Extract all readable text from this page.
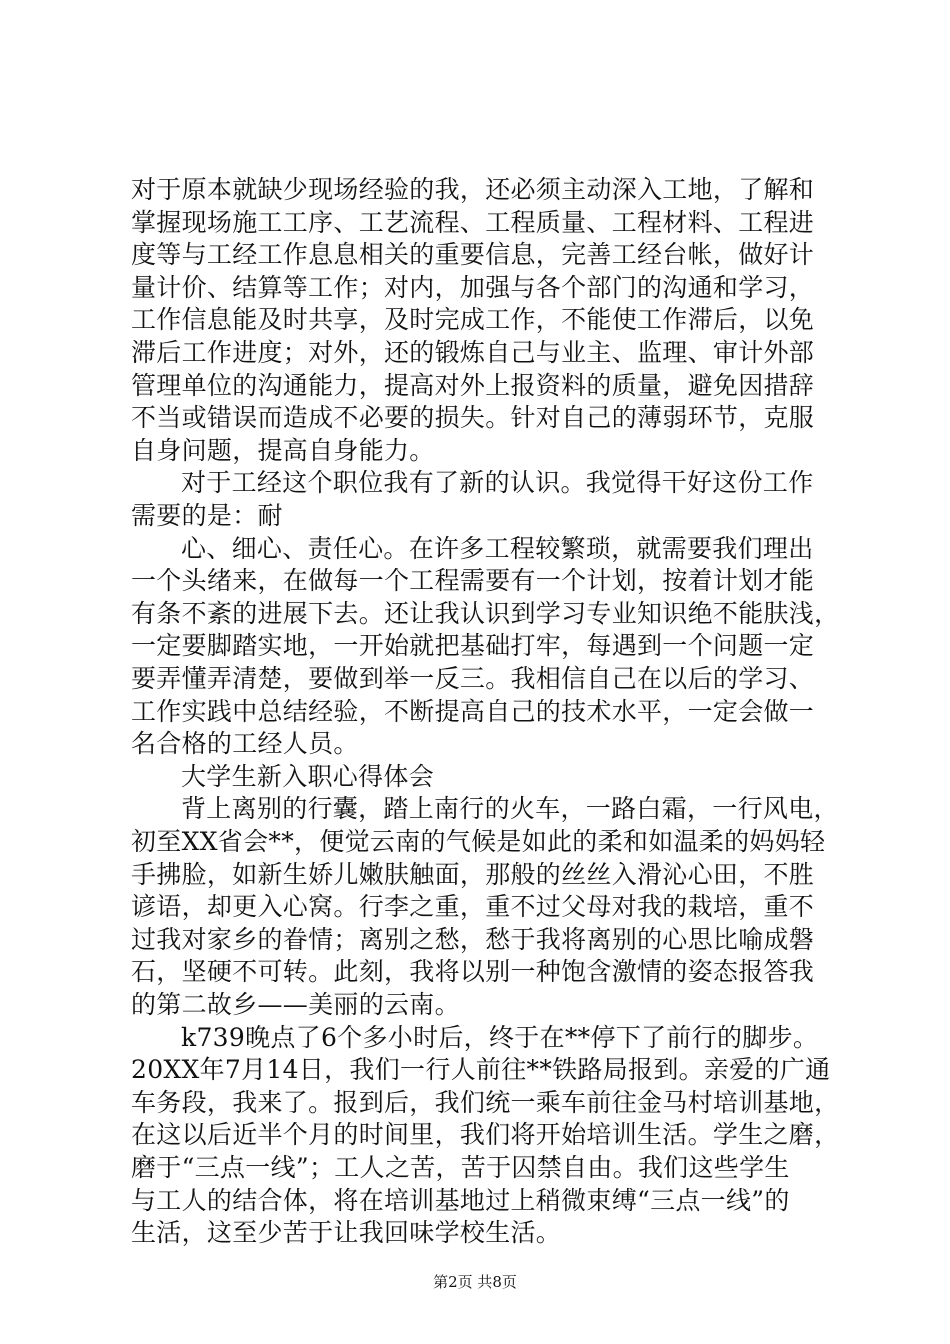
对于原本就缺少现场经验的我，还必须主动深入工地，了解和
掌握现场施工工序、工艺流程、工程质量、工程材料、工程进
度等与工经工作息息相关的重要信息，完善工经台帐，做好计
量计价、结算等工作；对内，加强与各个部门的沟通和学习，
工作信息能及时共享，及时完成工作，不能使工作滞后，以免
滞后工作进度；对外，还的锻炼自己与业主、监理、审计外部
管理单位的沟通能力，提高对外上报资料的质量，避免因措辞
不当或错误而造成不必要的损失。针对自己的薄弱环节，克服
自身问题，提高自身能力。
对于工经这个职位我有了新的认识。我觉得干好这份工作
需要的是：耐
心、细心、责任心。在许多工程较繁琐，就需要我们理出
一个头绪来，在做每一个工程需要有一个计划，按着计划才能
有条不紊的进展下去。还让我认识到学习专业知识绝不能肤浅，
一定要脚踏实地，一开始就把基础打牢，每遇到一个问题一定
要弄懂弄清楚，要做到举一反三。我相信自己在以后的学习、
工作实践中总结经验，不断提高自己的技术水平，一定会做一
名合格的工经人员。
大学生新入职心得体会
背上离别的行囊，踏上南行的火车，一路白霜，一行风电，
初至XX省会**，便觉云南的气候是如此的柔和如温柔的妈妈轻
手拂脸，如新生娇儿嫩肤触面，那般的丝丝入滑沁心田，不胜
谚语，却更入心窝。行李之重，重不过父母对我的栽培，重不
过我对家乡的眷情；离别之愁，愁于我将离别的心思比喻成磐
石，坚硬不可转。此刻，我将以别一种饱含激情的姿态报答我
的第二故乡——美丽的云南。
k739晚点了6个多小时后，终于在**停下了前行的脚步。
20XX年7月14日，我们一行人前往**铁路局报到。亲爱的广通
车务段，我来了。报到后，我们统一乘车前往金马村培训基地，
在这以后近半个月的时间里，我们将开始培训生活。学生之磨，
磨于“三点一线”；工人之苦，苦于囚禁自由。我们这些学生
第2页 共8页
与工人的结合体，将在培训基地过上稍微束缚“三点一线”的
生活，这至少苦于让我回味学校生活。
